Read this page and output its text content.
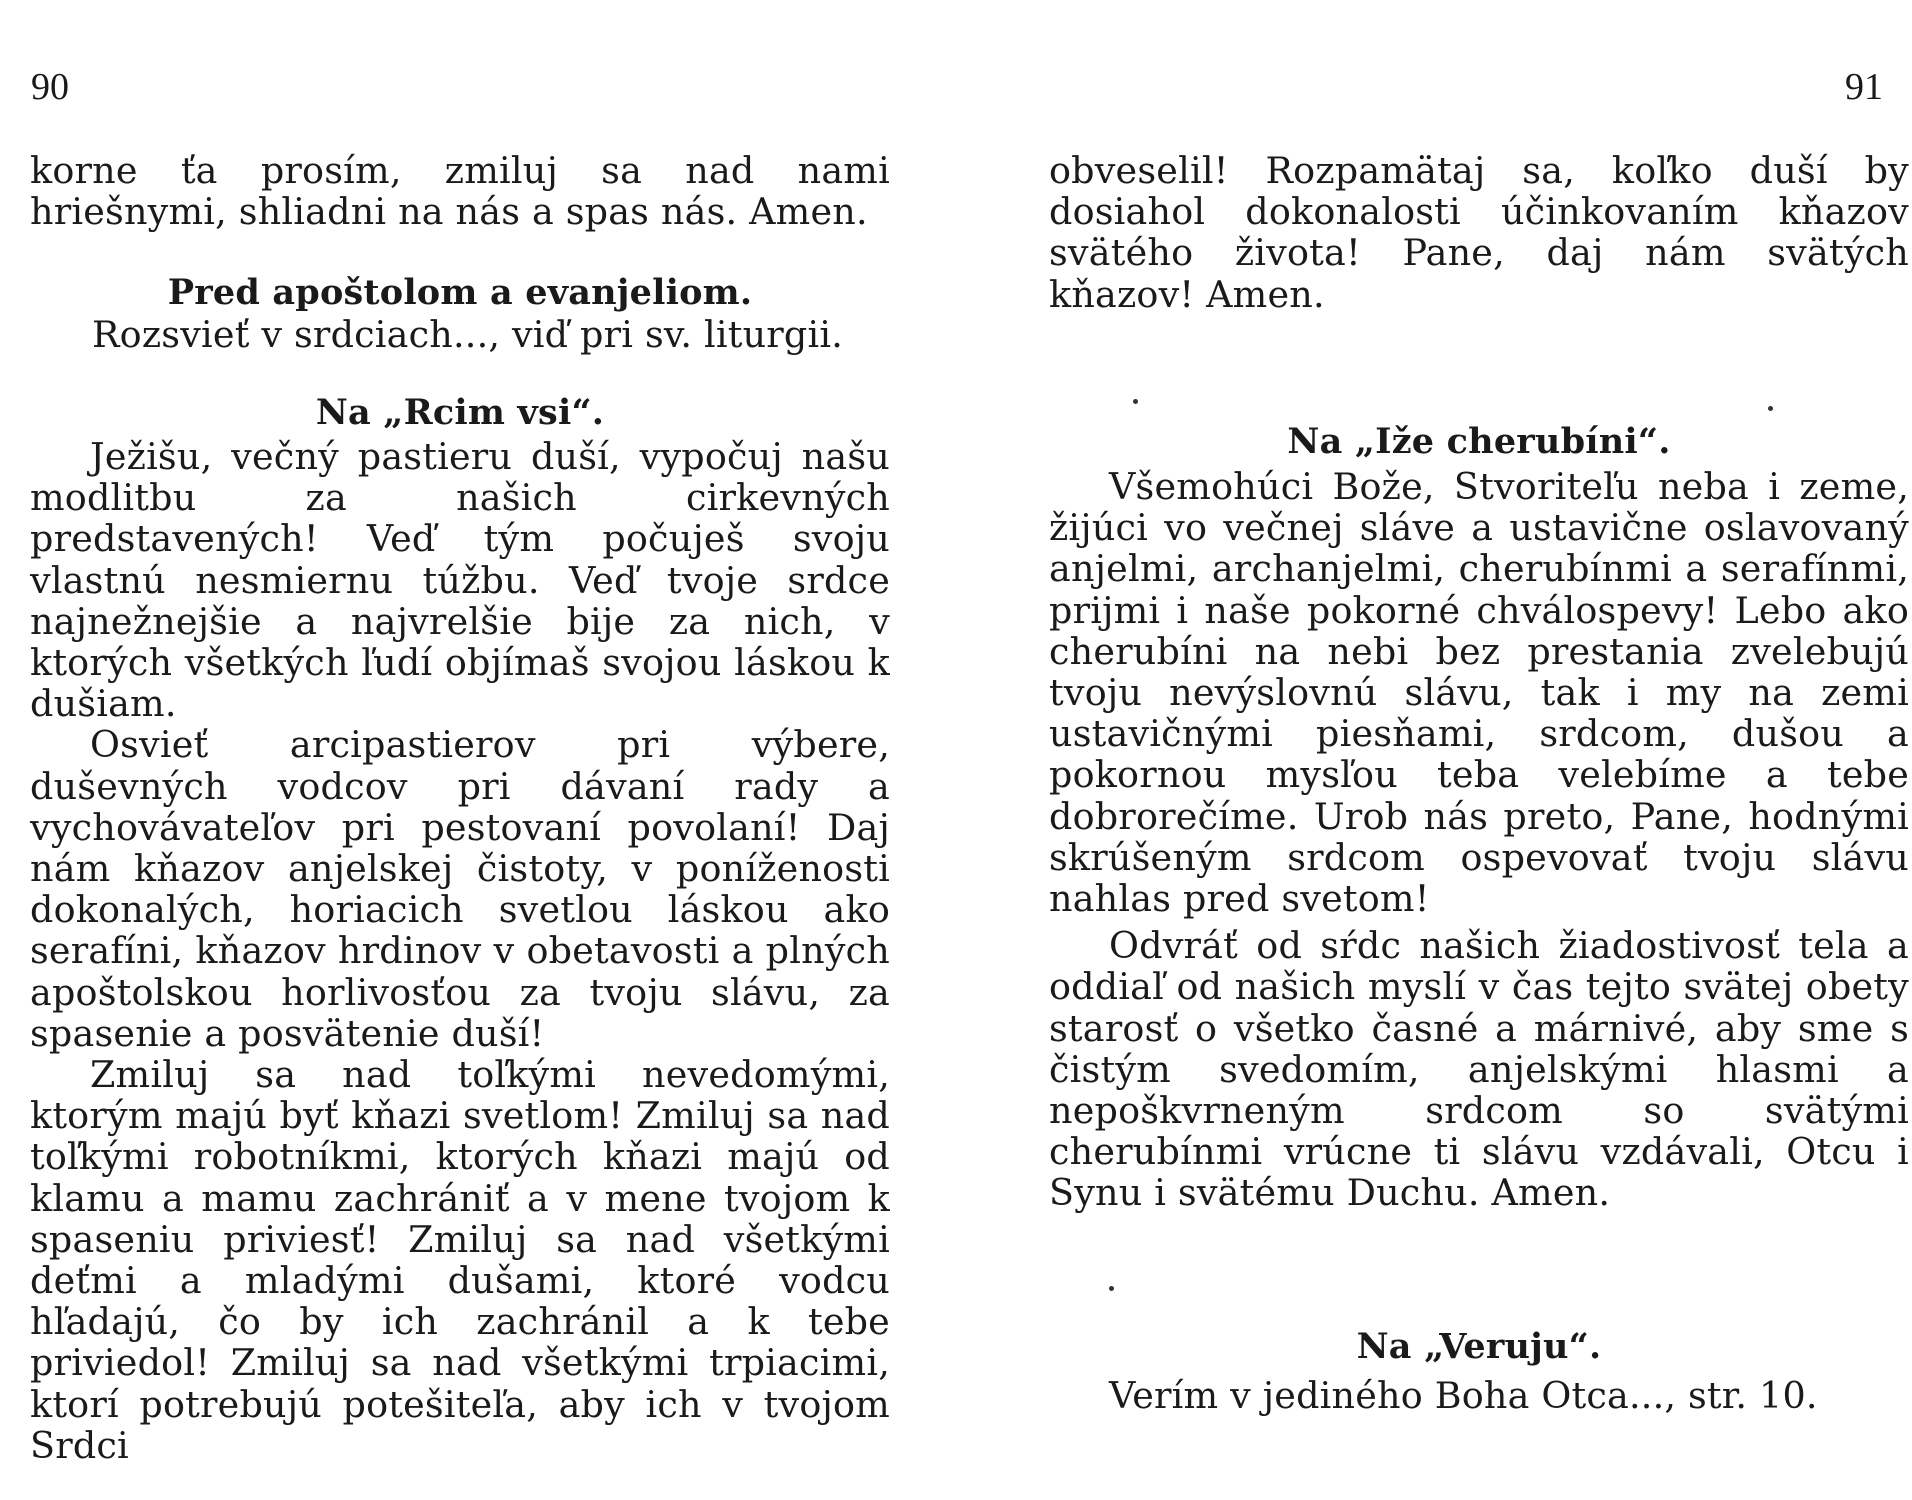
90	91

korne ťa prosím, zmiluj sa nad nami hriešnymi, shliadni na nás a spas nás. Amen.

Pred apoštolom a evanjeliom.

Rozsvieť v srdciach..., viď pri sv. liturgii.

Na „Rcim vsi“.

Ježišu, večný pastieru duší, vypočuj našu modlitbu za našich cirkevných predstavených! Veď tým počuješ svoju vlastnú nesmiernu túžbu. Veď tvoje srdce najnežnejšie a najvrelšie bije za nich, v ktorých všetkých ľudí objímaš svojou láskou k dušiam.

Osvieť arcipastierov pri výbere, duševných vodcov pri dávaní rady a vychovávateľov pri pestovaní povolaní! Daj nám kňazov anjelskej čistoty, v poníženosti dokonalých, horiacich svetlou láskou ako serafíni, kňazov hrdinov v obetavosti a plných apoštolskou horlivosťou za tvoju slávu, za spasenie a posvätenie duší!

Zmiluj sa nad toľkými nevedomými, ktorým majú byť kňazi svetlom! Zmiluj sa nad toľkými robotníkmi, ktorých kňazi majú od klamu a mamu zachrániť a v mene tvojom k spaseniu priviesť! Zmiluj sa nad všetkými deťmi a mladými dušami, ktoré vodcu hľadajú, čo by ich zachránil a k tebe priviedol! Zmiluj sa nad všetkými trpiacimi, ktorí potrebujú potešiteľa, aby ich v tvojom Srdci

obveselil! Rozpamätaj sa, koľko duší by dosiahol dokonalosti účinkovaním kňazov svätého života! Pane, daj nám svätých kňazov! Amen.

Na „Iže cherubíni“.

Všemohúci Bože, Stvoriteľu neba i zeme, žijúci vo večnej sláve a ustavične oslavovaný anjelmi, archanjelmi, cherubínmi a serafínmi, prijmi i naše pokorné chválospevy! Lebo ako cherubíni na nebi bez prestania zvelebujú tvoju nevýslovnú slávu, tak i my na zemi ustavičnými piesňami, srdcom, dušou a pokornou mysľou teba velebíme a tebe dobrorečíme. Urob nás preto, Pane, hodnými skrúšeným srdcom ospevovať tvoju slávu nahlas pred svetom!

Odvráť od sŕdc našich žiadostivosť tela a oddiaľ od našich myslí v čas tejto svätej obety starosť o všetko časné a márnivé, aby sme s čistým svedomím, anjelskými hlasmi a nepoškvrneným srdcom so svätými cherubínmi vrúcne ti slávu vzdávali, Otcu i Synu i svätému Duchu. Amen.

Na „Veruju“.

Verím v jediného Boha Otca..., str. 10.
